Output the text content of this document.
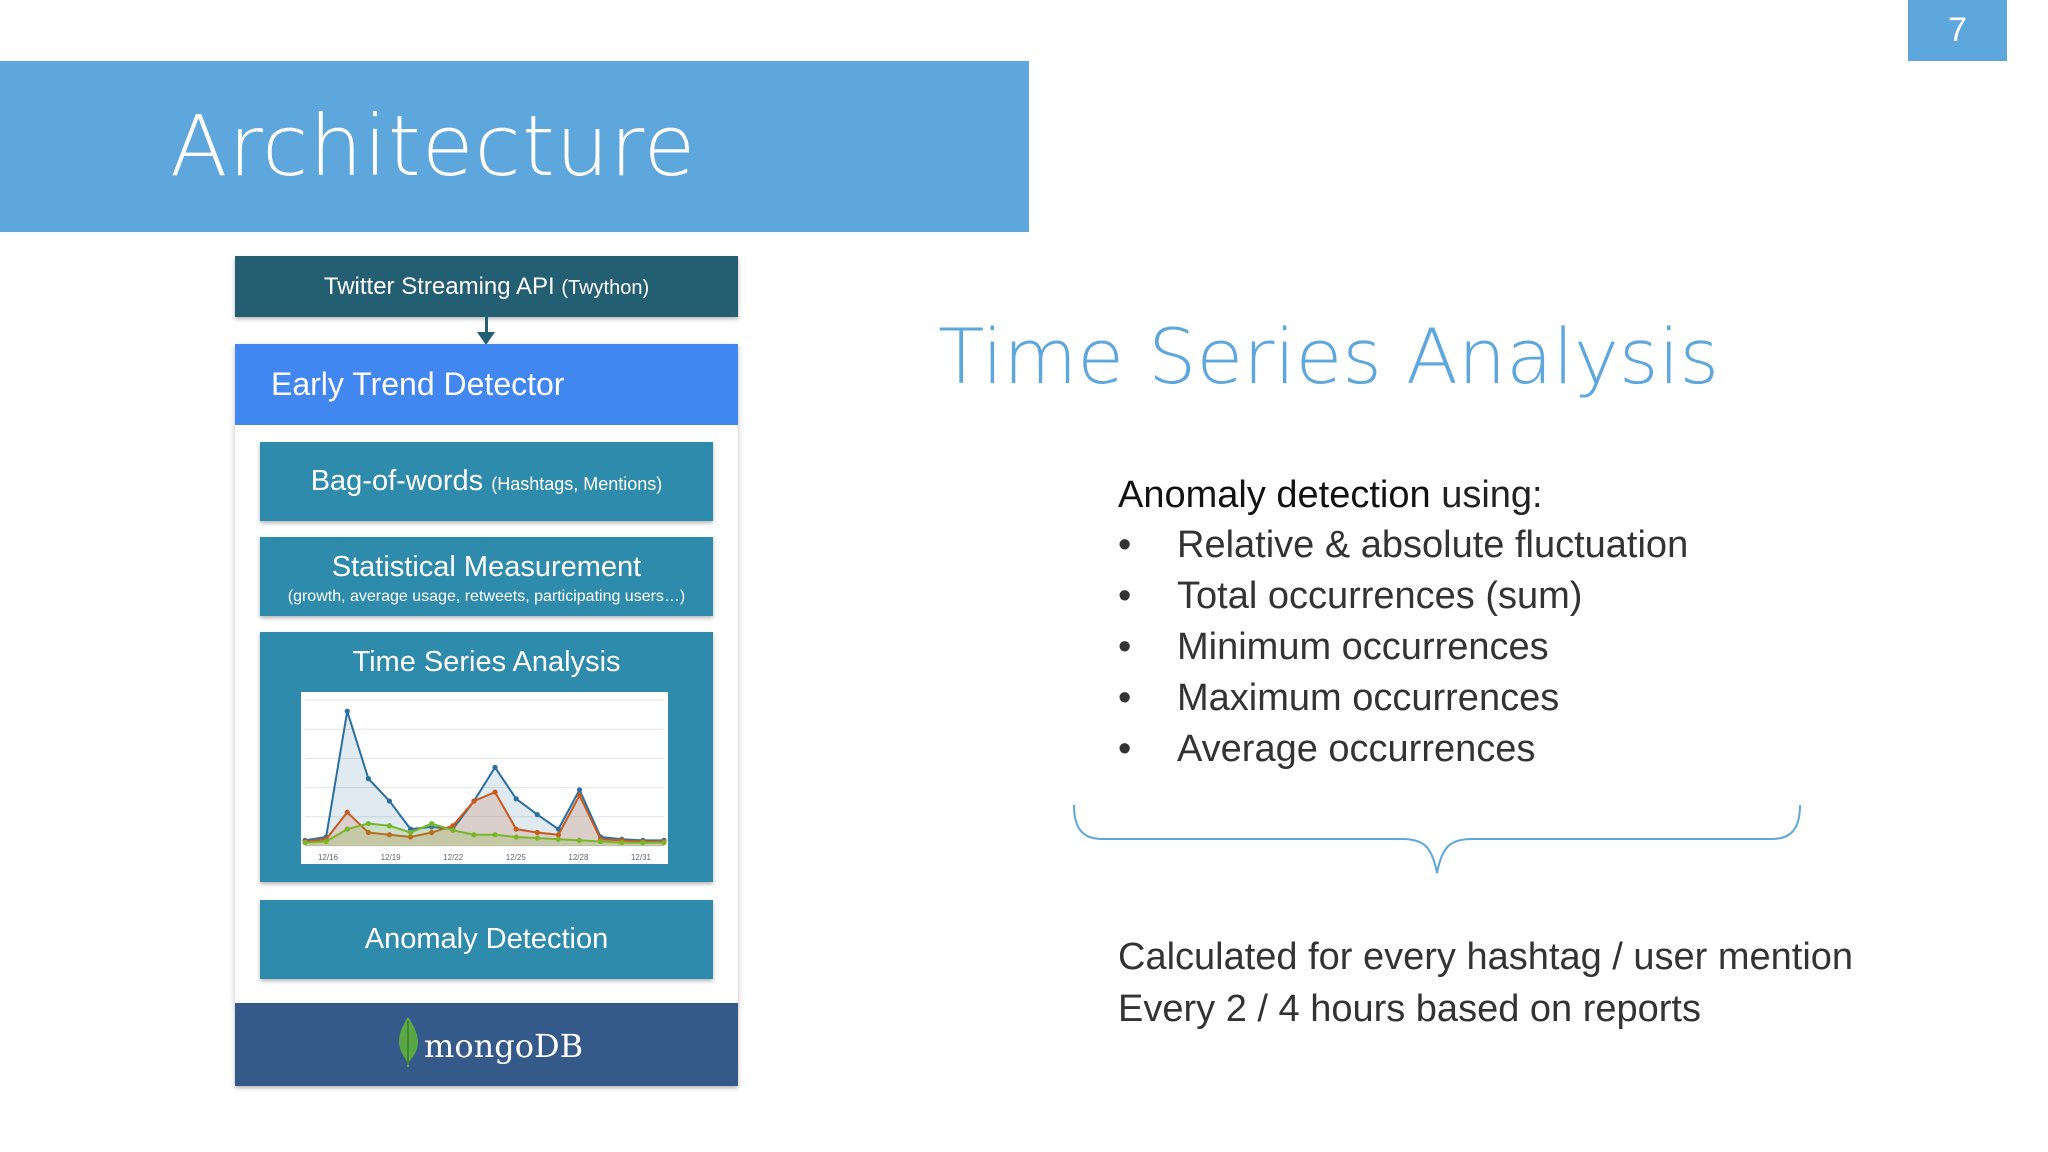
7
Architecture
Twitter Streaming API (Twython)
Early Trend Detector
Bag-of-words (Hashtags, Mentions)
Statistical Measurement
(growth, average usage, retweets, participating users…)
Time Series Analysis
12/16	12/19	12/22	12/25	12/28	12/31
Anomaly Detection
mongoDB
Time Series Analysis
Anomaly detection using:
• Relative & absolute fluctuation
• Total occurrences (sum)
• Minimum occurrences
• Maximum occurrences
• Average occurrences
Calculated for every hashtag / user mention
Every 2 / 4 hours based on reports
